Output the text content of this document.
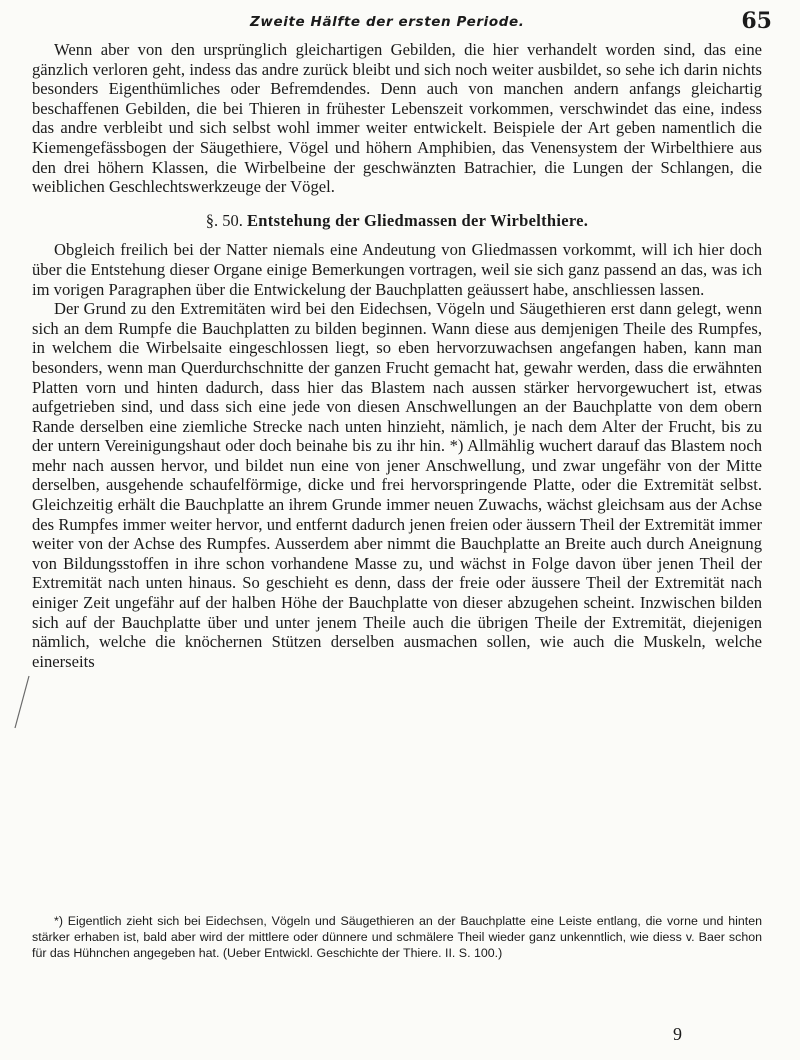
Zweite Hälfte der ersten Periode.	65

Wenn aber von den ursprünglich gleichartigen Gebilden, die hier verhandelt worden sind, das eine gänzlich verloren geht, indess das andre zurück bleibt und sich noch weiter ausbildet, so sehe ich darin nichts besonders Eigenthümliches oder Befremdendes. Denn auch von manchen andern anfangs gleichartig beschaffenen Gebilden, die bei Thieren in frühester Lebenszeit vorkommen, verschwindet das eine, indess das andre verbleibt und sich selbst wohl immer weiter entwickelt. Beispiele der Art geben namentlich die Kiemengefässbogen der Säugethiere, Vögel und höhern Amphibien, das Venensystem der Wirbelthiere aus den drei höhern Klassen, die Wirbelbeine der geschwänzten Batrachier, die Lungen der Schlangen, die weiblichen Geschlechtswerkzeuge der Vögel.

§. 50. Entstehung der Gliedmassen der Wirbelthiere.

Obgleich freilich bei der Natter niemals eine Andeutung von Gliedmassen vorkommt, will ich hier doch über die Entstehung dieser Organe einige Bemerkungen vortragen, weil sie sich ganz passend an das, was ich im vorigen Paragraphen über die Entwickelung der Bauchplatten geäussert habe, anschliessen lassen.

Der Grund zu den Extremitäten wird bei den Eidechsen, Vögeln und Säugethieren erst dann gelegt, wenn sich an dem Rumpfe die Bauchplatten zu bilden beginnen. Wann diese aus demjenigen Theile des Rumpfes, in welchem die Wirbelsaite eingeschlossen liegt, so eben hervorzuwachsen angefangen haben, kann man besonders, wenn man Querdurchschnitte der ganzen Frucht gemacht hat, gewahr werden, dass die erwähnten Platten vorn und hinten dadurch, dass hier das Blastem nach aussen stärker hervorgewuchert ist, etwas aufgetrieben sind, und dass sich eine jede von diesen Anschwellungen an der Bauchplatte von dem obern Rande derselben eine ziemliche Strecke nach unten hinzieht, nämlich, je nach dem Alter der Frucht, bis zu der untern Vereinigungshaut oder doch beinahe bis zu ihr hin. *) Allmählig wuchert darauf das Blastem noch mehr nach aussen hervor, und bildet nun eine von jener Anschwellung, und zwar ungefähr von der Mitte derselben, ausgehende schaufelförmige, dicke und frei hervorspringende Platte, oder die Extremität selbst. Gleichzeitig erhält die Bauchplatte an ihrem Grunde immer neuen Zuwachs, wächst gleichsam aus der Achse des Rumpfes immer weiter hervor, und entfernt dadurch jenen freien oder äussern Theil der Extremität immer weiter von der Achse des Rumpfes. Ausserdem aber nimmt die Bauchplatte an Breite auch durch Aneignung von Bildungsstoffen in ihre schon vorhandene Masse zu, und wächst in Folge davon über jenen Theil der Extremität nach unten hinaus. So geschieht es denn, dass der freie oder äussere Theil der Extremität nach einiger Zeit ungefähr auf der halben Höhe der Bauchplatte von dieser abzugehen scheint. Inzwischen bilden sich auf der Bauchplatte über und unter jenem Theile auch die übrigen Theile der Extremität, diejenigen nämlich, welche die knöchernen Stützen derselben ausmachen sollen, wie auch die Muskeln, welche einerseits

*) Eigentlich zieht sich bei Eidechsen, Vögeln und Säugethieren an der Bauchplatte eine Leiste entlang, die vorne und hinten stärker erhaben ist, bald aber wird der mittlere oder dünnere und schmälere Theil wieder ganz unkenntlich, wie diess v. Baer schon für das Hühnchen angegeben hat. (Ueber Entwickl. Geschichte der Thiere. II. S. 100.)

9
